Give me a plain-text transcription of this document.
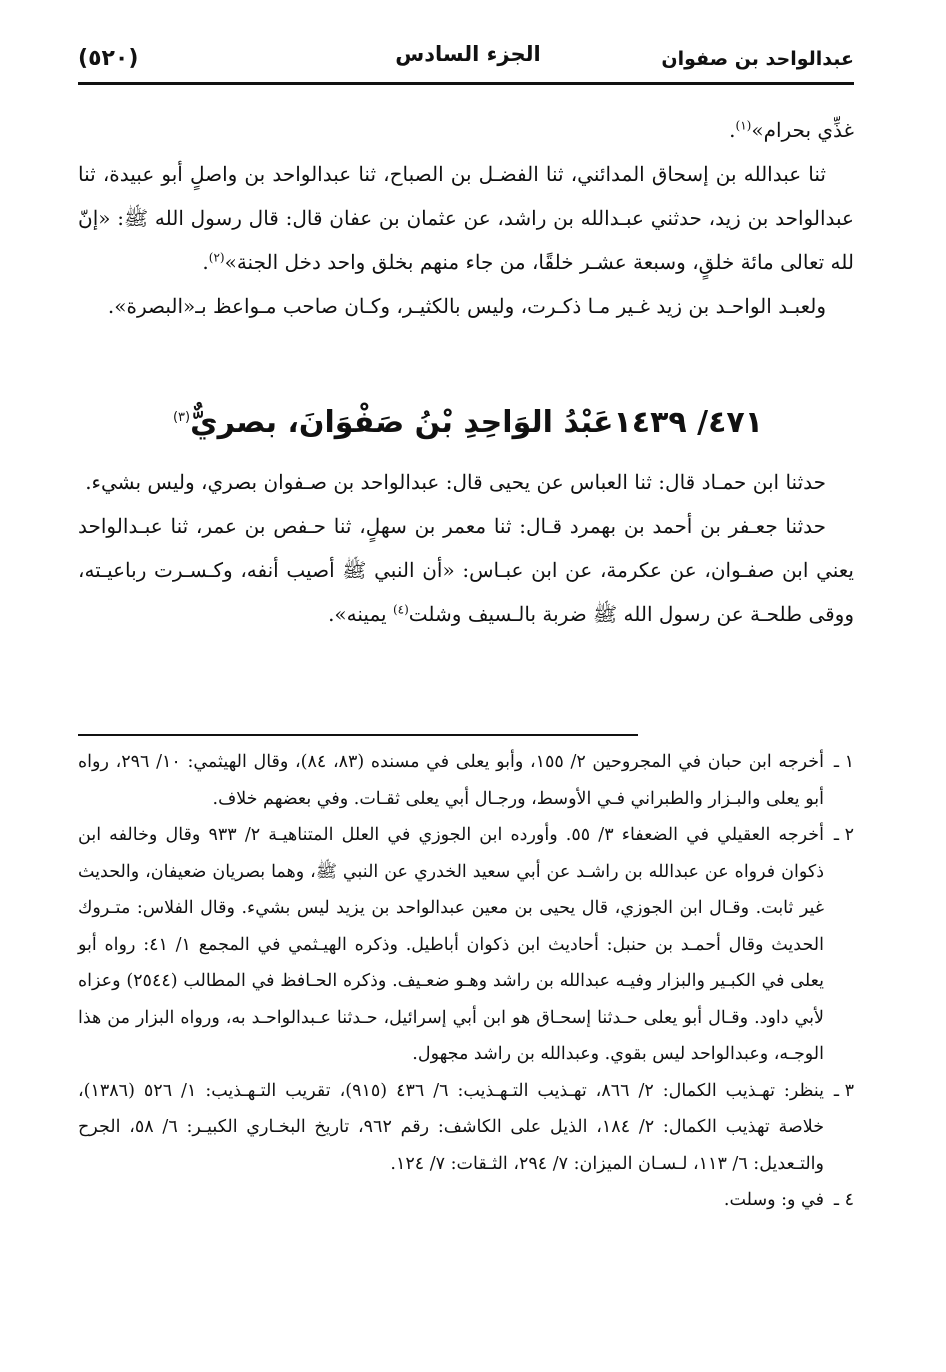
(٥٢٠)	الجزء السادس	عبدالواحد بن صفوان

غذِّي بحرام»$^{(١)}$.

ثنا عبدالله بن إسحاق المدائني، ثنا الفضـل بن الصباح، ثنا عبدالواحد بن واصلٍ أبو عبيدة، ثنا عبدالواحد بن زيد، حدثني عبـدالله بن راشد، عن عثمان بن عفان قال: قال رسول الله ﷺ: «إنّ لله تعالى مائة خلقٍ، وسبعة عشـر خلقًا، من جاء منهم بخلق واحد دخل الجنة»$^{(٢)}$.

ولعبـد الواحـد بن زيد غـير مـا ذكـرت، وليس بالكثيـر، وكـان صاحب مـواعظ بـ«البصرة».

٤٧١/ ١٤٣٩عَبْدُ الوَاحِدِ بْنُ صَفْوَانَ، بصريٌّ$^{(٣)}$

حدثنا ابن حمـاد قال: ثنا العباس عن يحيى قال: عبدالواحد بن صـفوان بصري، وليس بشيء.

حدثنا جعـفر بن أحمد بن بهمرد قـال: ثنا معمر بن سهلٍ، ثنا حـفص بن عمر، ثنا عبـدالواحد يعني ابن صفـوان، عن عكرمة، عن ابن عبـاس: «أن النبي ﷺ أصيب أنفه، وكـسـرت رباعيـته، ووقى طلحـة عن رسول الله ﷺ ضربة بالـسيف وشلت$^{(٤)}$ يمينه».

١ ـ
أخرجه ابن حبان في المجروحين ٢/ ١٥٥، وأبو يعلى في مسنده (٨٣، ٨٤)، وقال الهيثمي: ١٠/ ٢٩٦، رواه أبو يعلى والبـزار والطبراني فـي الأوسط، ورجـال أبي يعلى ثقـات. وفي بعضهم خلاف.
٢ ـ
أخرجه العقيلي في الضعفاء ٣/ ٥٥. وأورده ابن الجوزي في العلل المتناهيـة ٢/ ٩٣٣ وقال وخالفه ابن ذكوان فرواه عن عبدالله بن راشـد عن أبي سعيد الخدري عن النبي ﷺ، وهما بصريان ضعيفان، والحديث غير ثابت. وقـال ابن الجوزي، قال يحيى بن معين عبدالواحد بن يزيد ليس بشيء. وقال الفلاس: متـروك الحديث وقال أحمـد بن حنبل: أحاديث ابن ذكوان أباطيل. وذكره الهيـثمي في المجمع ١/ ٤١: رواه أبو يعلى في الكبـير والبزار وفيـه عبدالله بن راشد وهـو ضعـيف. وذكره الحـافظ في المطالب (٢٥٤٤) وعزاه لأبي داود. وقـال أبو يعلى حـدثنا إسحـاق هو ابن أبي إسرائيل، حـدثنا عـبدالواحـد به، ورواه البزار من هذا الوجـه، وعبدالواحد ليس بقوي. وعبدالله بن راشد مجهول.
٣ ـ
ينظر: تهـذيب الكمال: ٢/ ٨٦٦، تهـذيب التـهـذيب: ٦/ ٤٣٦ (٩١٥)، تقريب التـهـذيب: ١/ ٥٢٦ (١٣٨٦)، خلاصة تهذيب الكمال: ٢/ ١٨٤، الذيل على الكاشف: رقم ٩٦٢، تاريخ البخـاري الكبيـر: ٦/ ٥٨، الجرح والتـعديل: ٦/ ١١٣، لـسـان الميزان: ٧/ ٢٩٤، الثـقات: ٧/ ١٢٤.
٤ ـ
في و: وسلت.
